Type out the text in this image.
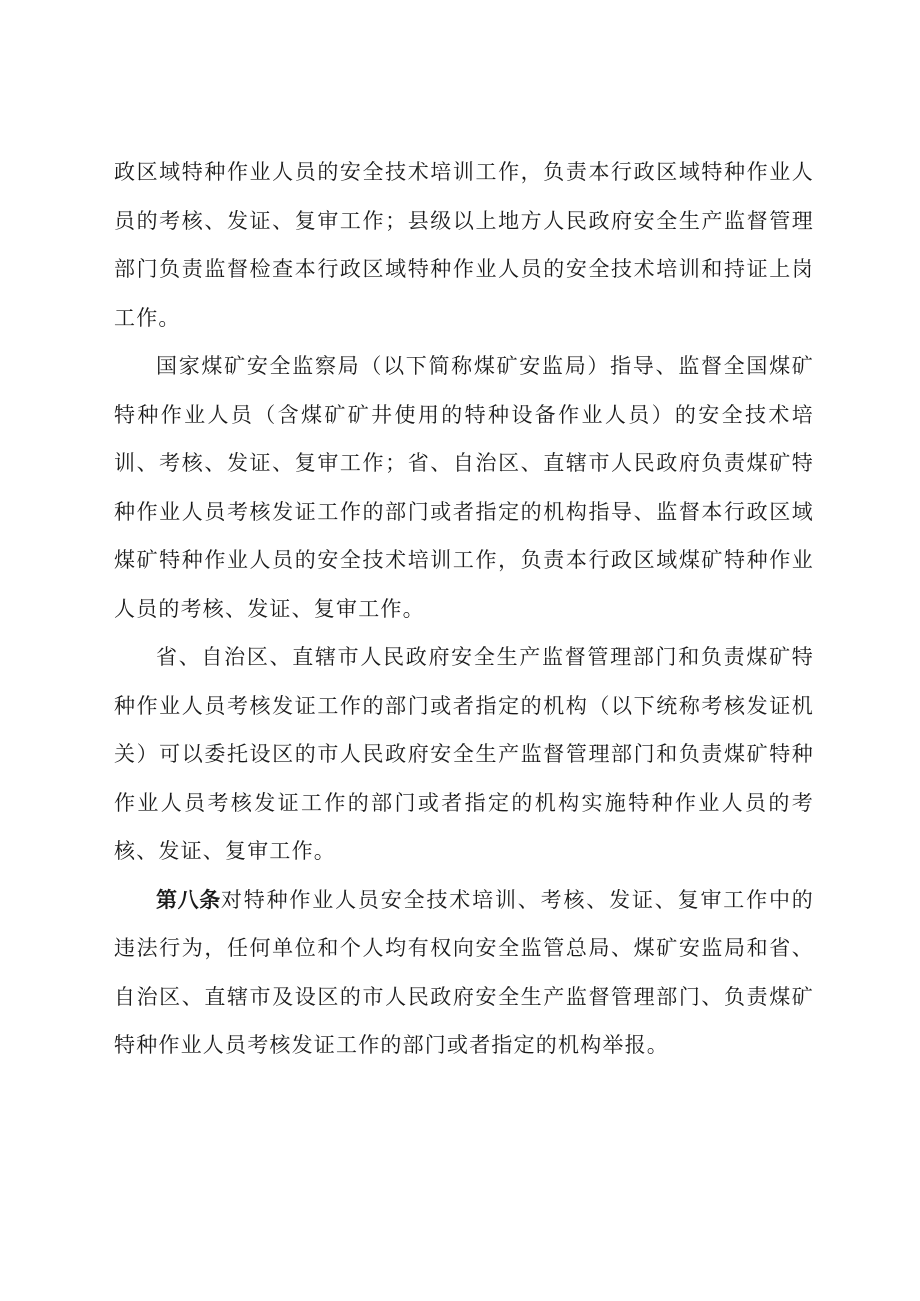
政区域特种作业人员的安全技术培训工作，负责本行政区域特种作业人员的考核、发证、复审工作；县级以上地方人民政府安全生产监督管理部门负责监督检查本行政区域特种作业人员的安全技术培训和持证上岗工作。

国家煤矿安全监察局（以下简称煤矿安监局）指导、监督全国煤矿特种作业人员（含煤矿矿井使用的特种设备作业人员）的安全技术培训、考核、发证、复审工作；省、自治区、直辖市人民政府负责煤矿特种作业人员考核发证工作的部门或者指定的机构指导、监督本行政区域煤矿特种作业人员的安全技术培训工作，负责本行政区域煤矿特种作业人员的考核、发证、复审工作。

省、自治区、直辖市人民政府安全生产监督管理部门和负责煤矿特种作业人员考核发证工作的部门或者指定的机构（以下统称考核发证机关）可以委托设区的市人民政府安全生产监督管理部门和负责煤矿特种作业人员考核发证工作的部门或者指定的机构实施特种作业人员的考核、发证、复审工作。

第八条对特种作业人员安全技术培训、考核、发证、复审工作中的违法行为，任何单位和个人均有权向安全监管总局、煤矿安监局和省、自治区、直辖市及设区的市人民政府安全生产监督管理部门、负责煤矿特种作业人员考核发证工作的部门或者指定的机构举报。
